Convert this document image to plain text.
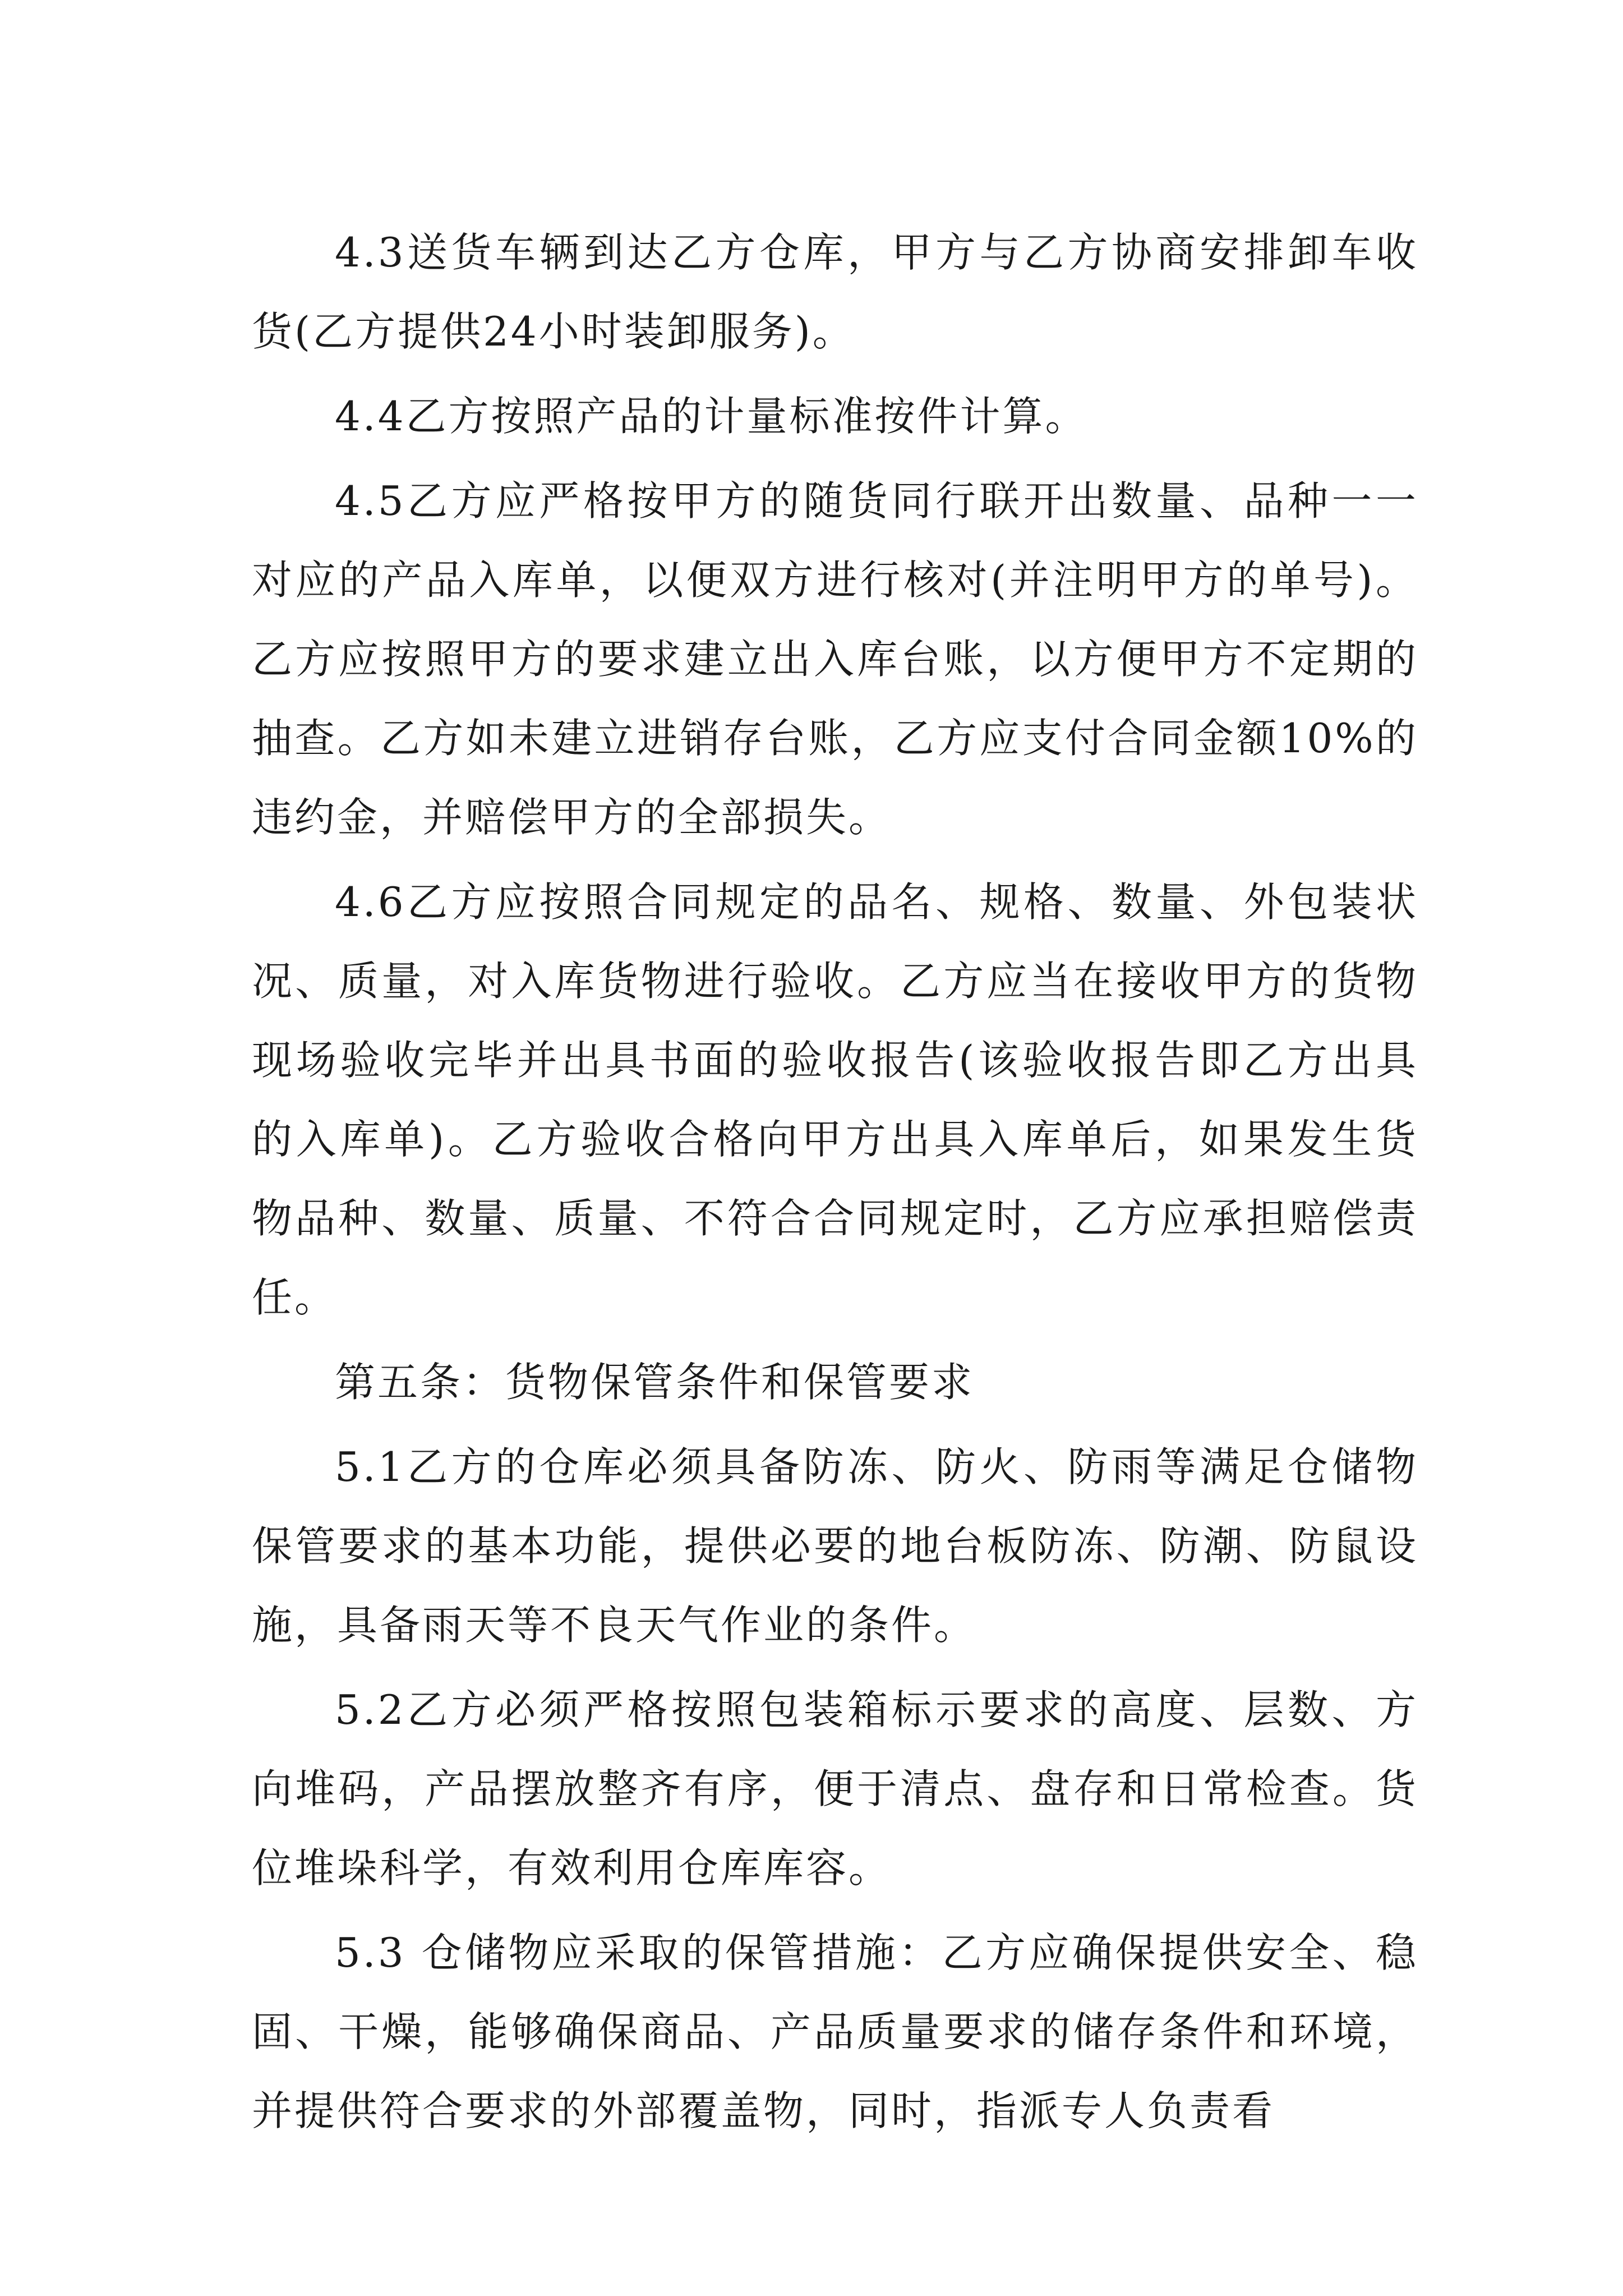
4.3送货车辆到达乙方仓库，甲方与乙方协商安排卸车收货(乙方提供24小时装卸服务)。

4.4乙方按照产品的计量标准按件计算。

4.5乙方应严格按甲方的随货同行联开出数量、品种一一对应的产品入库单，以便双方进行核对(并注明甲方的单号)。乙方应按照甲方的要求建立出入库台账，以方便甲方不定期的抽查。乙方如未建立进销存台账，乙方应支付合同金额10%的违约金，并赔偿甲方的全部损失。

4.6乙方应按照合同规定的品名、规格、数量、外包装状况、质量，对入库货物进行验收。乙方应当在接收甲方的货物现场验收完毕并出具书面的验收报告(该验收报告即乙方出具的入库单)。乙方验收合格向甲方出具入库单后，如果发生货物品种、数量、质量、不符合合同规定时，乙方应承担赔偿责任。

第五条：货物保管条件和保管要求

5.1乙方的仓库必须具备防冻、防火、防雨等满足仓储物保管要求的基本功能，提供必要的地台板防冻、防潮、防鼠设施，具备雨天等不良天气作业的条件。

5.2乙方必须严格按照包装箱标示要求的高度、层数、方向堆码，产品摆放整齐有序，便于清点、盘存和日常检查。货位堆垛科学，有效利用仓库库容。

5.3 仓储物应采取的保管措施：乙方应确保提供安全、稳固、干燥，能够确保商品、产品质量要求的储存条件和环境，并提供符合要求的外部覆盖物，同时，指派专人负责看
